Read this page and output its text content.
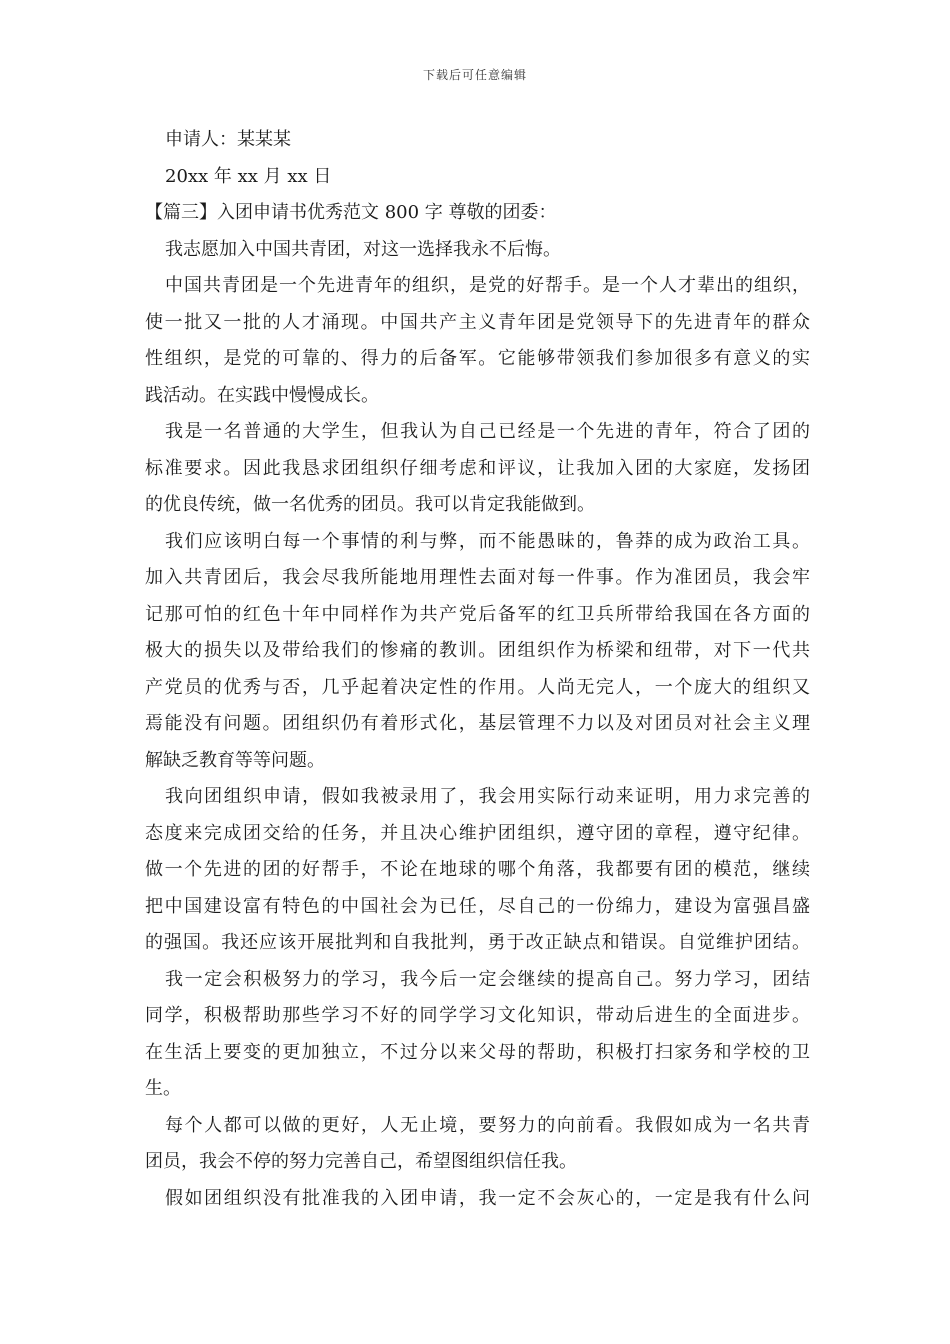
下载后可任意编辑
申请人：某某某
20xx 年 xx 月 xx 日
【篇三】入团申请书优秀范文 800 字 尊敬的团委：
我志愿加入中国共青团，对这一选择我永不后悔。
中国共青团是一个先进青年的组织，是党的好帮手。是一个人才辈出的组织，
使一批又一批的人才涌现。中国共产主义青年团是党领导下的先进青年的群众
性组织，是党的可靠的、得力的后备军。它能够带领我们参加很多有意义的实
践活动。在实践中慢慢成长。
我是一名普通的大学生，但我认为自己已经是一个先进的青年，符合了团的
标准要求。因此我恳求团组织仔细考虑和评议，让我加入团的大家庭，发扬团
的优良传统，做一名优秀的团员。我可以肯定我能做到。
我们应该明白每一个事情的利与弊，而不能愚昧的，鲁莽的成为政治工具。
加入共青团后，我会尽我所能地用理性去面对每一件事。作为准团员，我会牢
记那可怕的红色十年中同样作为共产党后备军的红卫兵所带给我国在各方面的
极大的损失以及带给我们的惨痛的教训。团组织作为桥梁和纽带，对下一代共
产党员的优秀与否，几乎起着决定性的作用。人尚无完人，一个庞大的组织又
焉能没有问题。团组织仍有着形式化，基层管理不力以及对团员对社会主义理
解缺乏教育等等问题。
我向团组织申请，假如我被录用了，我会用实际行动来证明，用力求完善的
态度来完成团交给的任务，并且决心维护团组织，遵守团的章程，遵守纪律。
做一个先进的团的好帮手，不论在地球的哪个角落，我都要有团的模范，继续
把中国建设富有特色的中国社会为已任，尽自己的一份绵力，建设为富强昌盛
的强国。我还应该开展批判和自我批判，勇于改正缺点和错误。自觉维护团结。
我一定会积极努力的学习，我今后一定会继续的提高自己。努力学习，团结
同学，积极帮助那些学习不好的同学学习文化知识，带动后进生的全面进步。
在生活上要变的更加独立，不过分以来父母的帮助，积极打扫家务和学校的卫
生。
每个人都可以做的更好，人无止境，要努力的向前看。我假如成为一名共青
团员，我会不停的努力完善自己，希望图组织信任我。
假如团组织没有批准我的入团申请，我一定不会灰心的，一定是我有什么问
